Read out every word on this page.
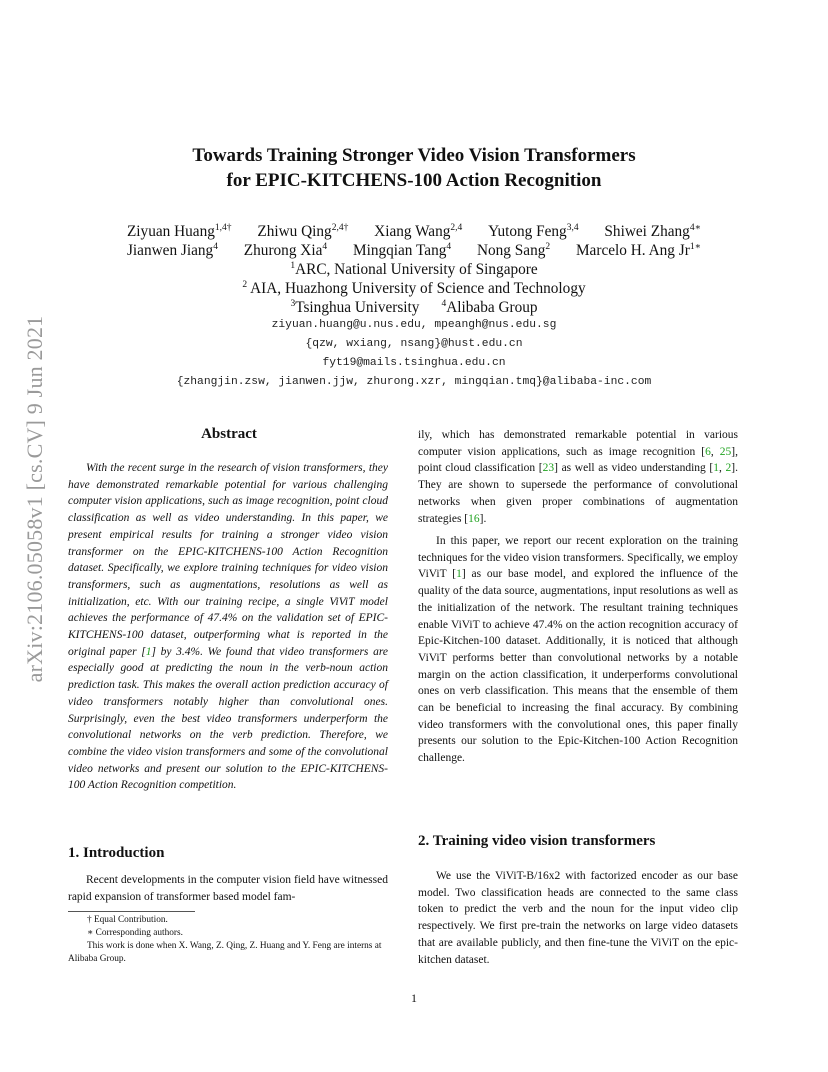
arXiv:2106.05058v1 [cs.CV] 9 Jun 2021
Towards Training Stronger Video Vision Transformers
for EPIC-KITCHENS-100 Action Recognition
Ziyuan Huang$^{1,4\dagger}$ Zhiwu Qing$^{2,4\dagger}$ Xiang Wang$^{2,4}$ Yutong Feng$^{3,4}$ Shiwei Zhang$^{4∗}$
Jianwen Jiang$^4$ Zhurong Xia$^4$ Mingqian Tang$^4$ Nong Sang$^2$ Marcelo H. Ang $Jr^{1∗}$
$^1$ARC, National University of Singapore
$^2$ AIA, Huazhong University of Science and Technology
$^3$Tsinghua University $^4$Alibaba Group
ziyuan.huang@u.nus.edu, mpeangh@nus.edu.sg
{qzw, wxiang, nsang}@hust.edu.cn
fyt19@mails.tsinghua.edu.cn
{zhangjin.zsw, jianwen.jjw, zhurong.xzr, mingqian.tmq}@alibaba-inc.com
Abstract

With the recent surge in the research of vision transformers, they have demonstrated remarkable potential for various challenging computer vision applications, such as image recognition, point cloud classification as well as video understanding. In this paper, we present empirical results for training a stronger video vision transformer on the EPIC-KITCHENS-100 Action Recognition dataset. Specifically, we explore training techniques for video vision transformers, such as augmentations, resolutions as well as initialization, etc. With our training recipe, a single ViViT model achieves the performance of 47.4% on the validation set of EPIC-KITCHENS-100 dataset, outperforming what is reported in the original paper [1] by 3.4%. We found that video transformers are especially good at predicting the noun in the verb-noun action prediction task. This makes the overall action prediction accuracy of video transformers notably higher than convolutional ones. Surprisingly, even the best video transformers underperform the convolutional networks on the verb prediction. Therefore, we combine the video vision transformers and some of the convolutional video networks and present our solution to the EPIC-KITCHENS-100 Action Recognition competition.

1. Introduction

Recent developments in the computer vision field have witnessed rapid expansion of transformer based model fam-

† Equal Contribution.
∗ Corresponding authors.
This work is done when X. Wang, Z. Qing, Z. Huang and Y. Feng are interns at Alibaba Group.

ily, which has demonstrated remarkable potential in various computer vision applications, such as image recognition [6, 25], point cloud classification [23] as well as video understanding [1, 2]. They are shown to supersede the performance of convolutional networks when given proper combinations of augmentation strategies [16].

In this paper, we report our recent exploration on the training techniques for the video vision transformers. Specifically, we employ ViViT [1] as our base model, and explored the influence of the quality of the data source, augmentations, input resolutions as well as the initialization of the network. The resultant training techniques enable ViViT to achieve 47.4% on the action recognition accuracy of Epic-Kitchen-100 dataset. Additionally, it is noticed that although ViViT performs better than convolutional networks by a notable margin on the action classification, it underperforms convolutional ones on verb classification. This means that the ensemble of them can be beneficial to increasing the final accuracy. By combining video transformers with the convolutional ones, this paper finally presents our solution to the Epic-Kitchen-100 Action Recognition challenge.

2. Training video vision transformers

We use the ViViT-B/16x2 with factorized encoder as our base model. Two classification heads are connected to the same class token to predict the verb and the noun for the input video clip respectively. We first pre-train the networks on large video datasets that are available publicly, and then fine-tune the ViViT on the epic-kitchen dataset.

1
